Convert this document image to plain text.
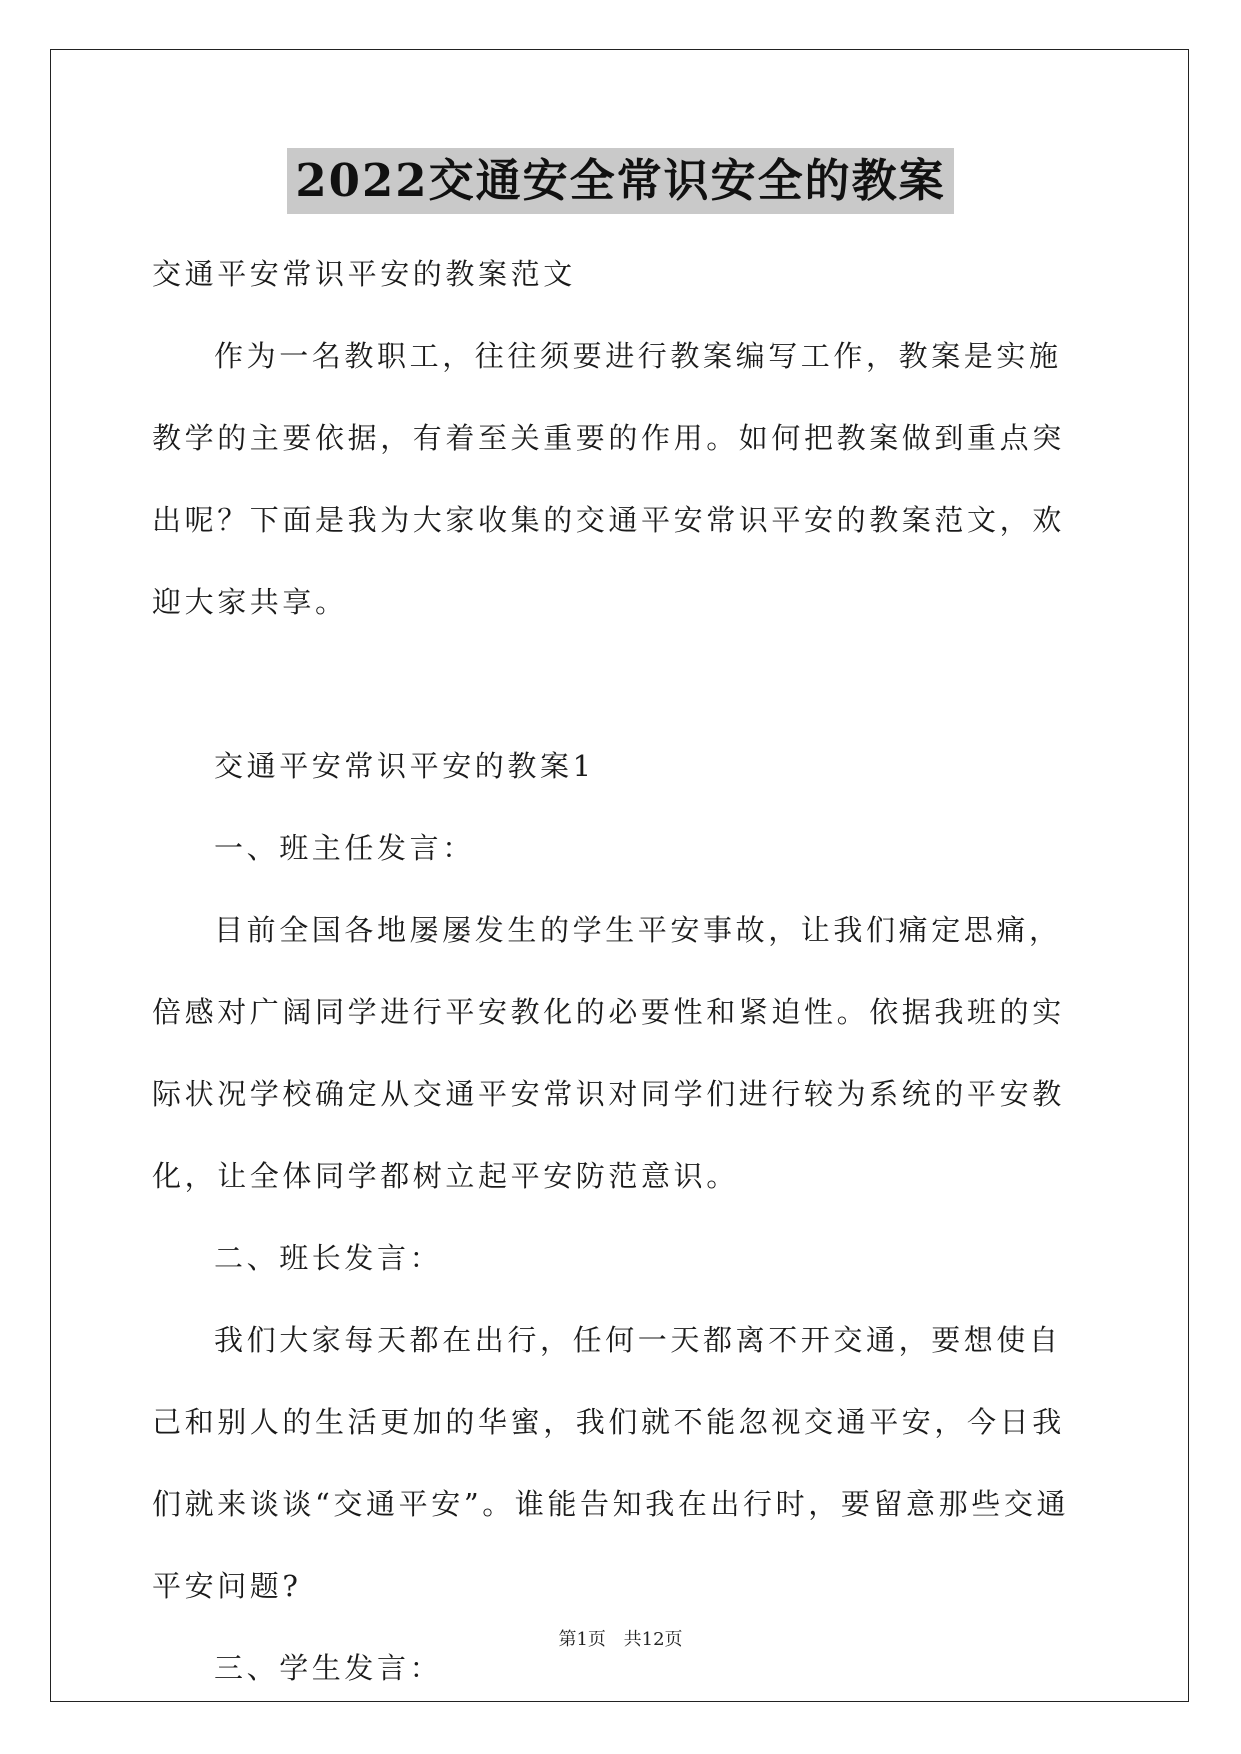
2022交通安全常识安全的教案

交通平安常识平安的教案范文

作为一名教职工，往往须要进行教案编写工作，教案是实施教学的主要依据，有着至关重要的作用。如何把教案做到重点突出呢？下面是我为大家收集的交通平安常识平安的教案范文，欢迎大家共享。

交通平安常识平安的教案1

一、班主任发言：

目前全国各地屡屡发生的学生平安事故，让我们痛定思痛，倍感对广阔同学进行平安教化的必要性和紧迫性。依据我班的实际状况学校确定从交通平安常识对同学们进行较为系统的平安教化，让全体同学都树立起平安防范意识。

二、班长发言：

我们大家每天都在出行，任何一天都离不开交通，要想使自己和别人的生活更加的华蜜，我们就不能忽视交通平安，今日我们就来谈谈“交通平安”。谁能告知我在出行时，要留意那些交通平安问题?

三、学生发言：

第1页 共12页
